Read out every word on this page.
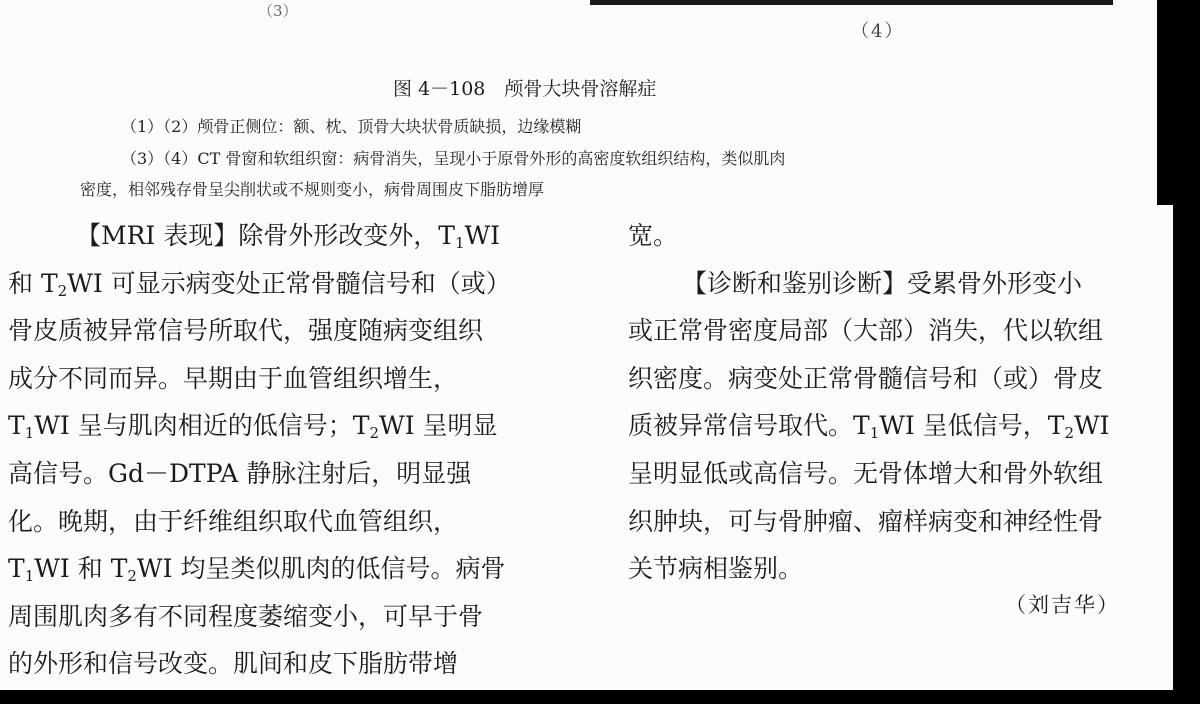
（3）
（4）
图 4－108　颅骨大块骨溶解症
（1）（2）颅骨正侧位：额、枕、顶骨大块状骨质缺损，边缘模糊
（3）（4）CT 骨窗和软组织窗：病骨消失，呈现小于原骨外形的高密度软组织结构，类似肌肉
密度，相邻残存骨呈尖削状或不规则变小，病骨周围皮下脂肪增厚
【MRI 表现】除骨外形改变外，$T_1WI$
和 $T_2WI$ 可显示病变处正常骨髓信号和（或）
骨皮质被异常信号所取代，强度随病变组织
成分不同而异。早期由于血管组织增生，
$T_1WI$ 呈与肌肉相近的低信号；$T_2WI$ 呈明显
高信号。Gd－DTPA 静脉注射后，明显强
化。晚期，由于纤维组织取代血管组织，
$T_1WI$ 和 $T_2WI$ 均呈类似肌肉的低信号。病骨
周围肌肉多有不同程度萎缩变小，可早于骨
的外形和信号改变。肌间和皮下脂肪带增
宽。
【诊断和鉴别诊断】受累骨外形变小
或正常骨密度局部（大部）消失，代以软组
织密度。病变处正常骨髓信号和（或）骨皮
质被异常信号取代。$T_1WI$ 呈低信号，$T_2WI$
呈明显低或高信号。无骨体增大和骨外软组
织肿块，可与骨肿瘤、瘤样病变和神经性骨
关节病相鉴别。
（刘吉华）
